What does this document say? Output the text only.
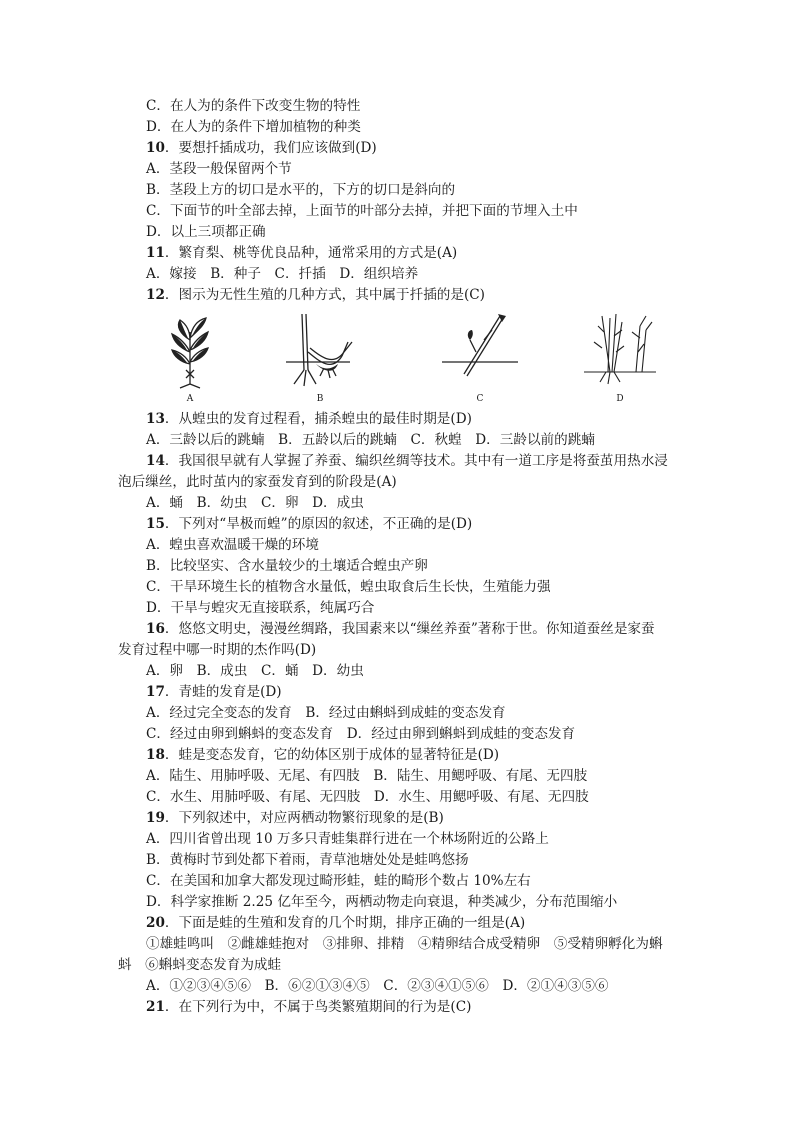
C．在人为的条件下改变生物的特性
D．在人为的条件下增加植物的种类
10．要想扦插成功，我们应该做到(D)
A．茎段一般保留两个节
B．茎段上方的切口是水平的，下方的切口是斜向的
C．下面节的叶全部去掉，上面节的叶部分去掉，并把下面的节埋入土中
D．以上三项都正确
11．繁育梨、桃等优良品种，通常采用的方式是(A)
A．嫁接　B．种子　C．扦插　D．组织培养
12．图示为无性生殖的几种方式，其中属于扦插的是(C)
A	B	C	D
13．从蝗虫的发育过程看，捕杀蝗虫的最佳时期是(D)
A．三龄以后的跳蝻　B．五龄以后的跳蝻　C．秋蝗　D．三龄以前的跳蝻
14．我国很早就有人掌握了养蚕、编织丝绸等技术。其中有一道工序是将蚕茧用热水浸
泡后缫丝，此时茧内的家蚕发育到的阶段是(A)
A．蛹　B．幼虫　C．卵　D．成虫
15．下列对“旱极而蝗”的原因的叙述，不正确的是(D)
A．蝗虫喜欢温暖干燥的环境
B．比较坚实、含水量较少的土壤适合蝗虫产卵
C．干旱环境生长的植物含水量低，蝗虫取食后生长快，生殖能力强
D．干旱与蝗灾无直接联系，纯属巧合
16．悠悠文明史，漫漫丝绸路，我国素来以“缫丝养蚕”著称于世。你知道蚕丝是家蚕
发育过程中哪一时期的杰作吗(D)
A．卵　B．成虫　C．蛹　D．幼虫
17．青蛙的发育是(D)
A．经过完全变态的发育　B．经过由蝌蚪到成蛙的变态发育
C．经过由卵到蝌蚪的变态发育　D．经过由卵到蝌蚪到成蛙的变态发育
18．蛙是变态发育，它的幼体区别于成体的显著特征是(D)
A．陆生、用肺呼吸、无尾、有四肢　B．陆生、用鳃呼吸、有尾、无四肢
C．水生、用肺呼吸、有尾、无四肢　D．水生、用鳃呼吸、有尾、无四肢
19．下列叙述中，对应两栖动物繁衍现象的是(B)
A．四川省曾出现 10 万多只青蛙集群行进在一个林场附近的公路上
B．黄梅时节到处都下着雨，青草池塘处处是蛙鸣悠扬
C．在美国和加拿大都发现过畸形蛙，蛙的畸形个数占 10%左右
D．科学家推断 2.25 亿年至今，两栖动物走向衰退，种类减少，分布范围缩小
20．下面是蛙的生殖和发育的几个时期，排序正确的一组是(A)
①雄蛙鸣叫　②雌雄蛙抱对　③排卵、排精　④精卵结合成受精卵　⑤受精卵孵化为蝌
蚪　⑥蝌蚪变态发育为成蛙
A．①②③④⑤⑥　B．⑥②①③④⑤　C．②③④①⑤⑥　D．②①④③⑤⑥
21．在下列行为中，不属于鸟类繁殖期间的行为是(C)
